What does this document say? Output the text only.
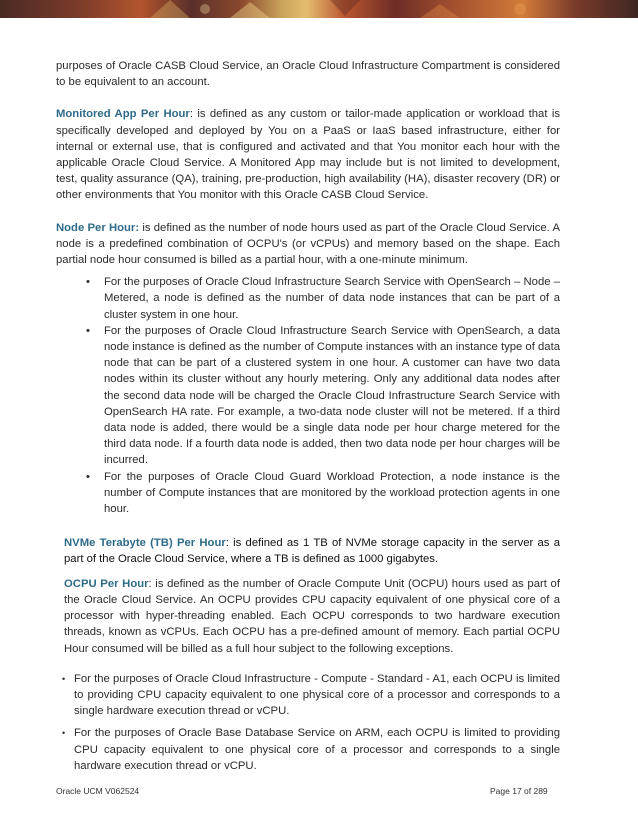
purposes of Oracle CASB Cloud Service, an Oracle Cloud Infrastructure Compartment is considered to be equivalent to an account.

Monitored App Per Hour: is defined as any custom or tailor-made application or workload that is specifically developed and deployed by You on a PaaS or IaaS based infrastructure, either for internal or external use, that is configured and activated and that You monitor each hour with the applicable Oracle Cloud Service. A Monitored App may include but is not limited to development, test, quality assurance (QA), training, pre-production, high availability (HA), disaster recovery (DR) or other environments that You monitor with this Oracle CASB Cloud Service.

Node Per Hour: is defined as the number of node hours used as part of the Oracle Cloud Service. A node is a predefined combination of OCPU's (or vCPUs) and memory based on the shape. Each partial node hour consumed is billed as a partial hour, with a one-minute minimum.

• For the purposes of Oracle Cloud Infrastructure Search Service with OpenSearch – Node – Metered, a node is defined as the number of data node instances that can be part of a cluster system in one hour.
• For the purposes of Oracle Cloud Infrastructure Search Service with OpenSearch, a data node instance is defined as the number of Compute instances with an instance type of data node that can be part of a clustered system in one hour. A customer can have two data nodes within its cluster without any hourly metering. Only any additional data nodes after the second data node will be charged the Oracle Cloud Infrastructure Search Service with OpenSearch HA rate. For example, a two-data node cluster will not be metered. If a third data node is added, there would be a single data node per hour charge metered for the third data node. If a fourth data node is added, then two data node per hour charges will be incurred.
• For the purposes of Oracle Cloud Guard Workload Protection, a node instance is the number of Compute instances that are monitored by the workload protection agents in one hour.

NVMe Terabyte (TB) Per Hour: is defined as 1 TB of NVMe storage capacity in the server as a part of the Oracle Cloud Service, where a TB is defined as 1000 gigabytes.

OCPU Per Hour: is defined as the number of Oracle Compute Unit (OCPU) hours used as part of the Oracle Cloud Service. An OCPU provides CPU capacity equivalent of one physical core of a processor with hyper-threading enabled. Each OCPU corresponds to two hardware execution threads, known as vCPUs. Each OCPU has a pre-defined amount of memory. Each partial OCPU Hour consumed will be billed as a full hour subject to the following exceptions.

• For the purposes of Oracle Cloud Infrastructure - Compute - Standard - A1, each OCPU is limited to providing CPU capacity equivalent to one physical core of a processor and corresponds to a single hardware execution thread or vCPU.
• For the purposes of Oracle Base Database Service on ARM, each OCPU is limited to providing CPU capacity equivalent to one physical core of a processor and corresponds to a single hardware execution thread or vCPU.
Oracle UCM V062524	Page 17 of 289
